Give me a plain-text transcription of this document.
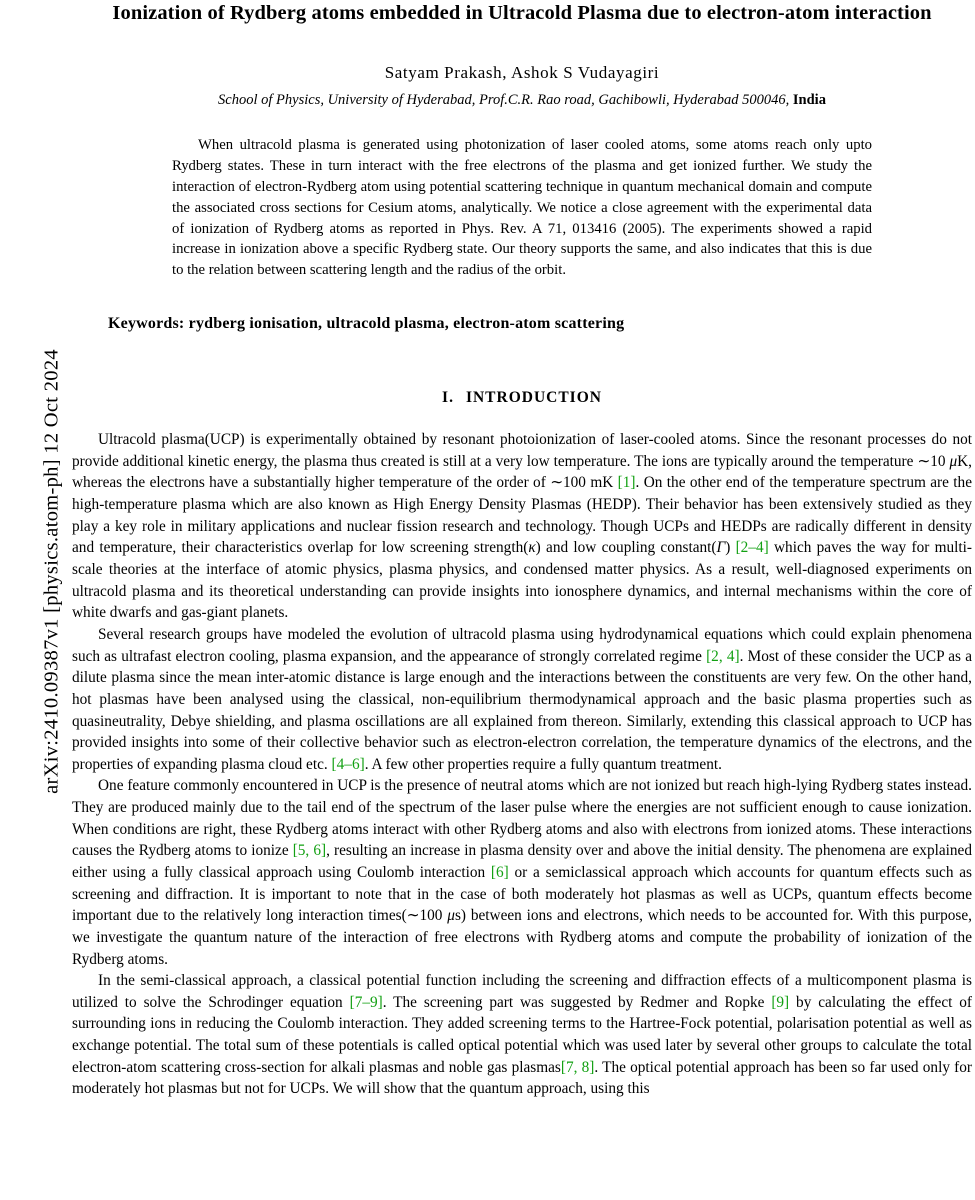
arXiv:2410.09387v1 [physics.atom-ph] 12 Oct 2024
Ionization of Rydberg atoms embedded in Ultracold Plasma due to electron-atom interaction
Satyam Prakash, Ashok S Vudayagiri
School of Physics, University of Hyderabad, Prof.C.R. Rao road, Gachibowli, Hyderabad 500046, India
When ultracold plasma is generated using photonization of laser cooled atoms, some atoms reach only upto Rydberg states. These in turn interact with the free electrons of the plasma and get ionized further. We study the interaction of electron-Rydberg atom using potential scattering technique in quantum mechanical domain and compute the associated cross sections for Cesium atoms, analytically. We notice a close agreement with the experimental data of ionization of Rydberg atoms as reported in Phys. Rev. A 71, 013416 (2005). The experiments showed a rapid increase in ionization above a specific Rydberg state. Our theory supports the same, and also indicates that this is due to the relation between scattering length and the radius of the orbit.
Keywords: rydberg ionisation, ultracold plasma, electron-atom scattering
I. INTRODUCTION

Ultracold plasma(UCP) is experimentally obtained by resonant photoionization of laser-cooled atoms. Since the resonant processes do not provide additional kinetic energy, the plasma thus created is still at a very low temperature. The ions are typically around the temperature ∼10 μK, whereas the electrons have a substantially higher temperature of the order of ∼100 mK [1]. On the other end of the temperature spectrum are the high-temperature plasma which are also known as High Energy Density Plasmas (HEDP). Their behavior has been extensively studied as they play a key role in military applications and nuclear fission research and technology. Though UCPs and HEDPs are radically different in density and temperature, their characteristics overlap for low screening strength(κ) and low coupling constant(Γ) [2–4] which paves the way for multi-scale theories at the interface of atomic physics, plasma physics, and condensed matter physics. As a result, well-diagnosed experiments on ultracold plasma and its theoretical understanding can provide insights into ionosphere dynamics, and internal mechanisms within the core of white dwarfs and gas-giant planets.

Several research groups have modeled the evolution of ultracold plasma using hydrodynamical equations which could explain phenomena such as ultrafast electron cooling, plasma expansion, and the appearance of strongly correlated regime [2, 4]. Most of these consider the UCP as a dilute plasma since the mean inter-atomic distance is large enough and the interactions between the constituents are very few. On the other hand, hot plasmas have been analysed using the classical, non-equilibrium thermodynamical approach and the basic plasma properties such as quasineutrality, Debye shielding, and plasma oscillations are all explained from thereon. Similarly, extending this classical approach to UCP has provided insights into some of their collective behavior such as electron-electron correlation, the temperature dynamics of the electrons, and the properties of expanding plasma cloud etc. [4–6]. A few other properties require a fully quantum treatment.

One feature commonly encountered in UCP is the presence of neutral atoms which are not ionized but reach high-lying Rydberg states instead. They are produced mainly due to the tail end of the spectrum of the laser pulse where the energies are not sufficient enough to cause ionization. When conditions are right, these Rydberg atoms interact with other Rydberg atoms and also with electrons from ionized atoms. These interactions causes the Rydberg atoms to ionize [5, 6], resulting an increase in plasma density over and above the initial density. The phenomena are explained either using a fully classical approach using Coulomb interaction [6] or a semiclassical approach which accounts for quantum effects such as screening and diffraction. It is important to note that in the case of both moderately hot plasmas as well as UCPs, quantum effects become important due to the relatively long interaction times(∼100 μs) between ions and electrons, which needs to be accounted for. With this purpose, we investigate the quantum nature of the interaction of free electrons with Rydberg atoms and compute the probability of ionization of the Rydberg atoms.

In the semi-classical approach, a classical potential function including the screening and diffraction effects of a multicomponent plasma is utilized to solve the Schrodinger equation [7–9]. The screening part was suggested by Redmer and Ropke [9] by calculating the effect of surrounding ions in reducing the Coulomb interaction. They added screening terms to the Hartree-Fock potential, polarisation potential as well as exchange potential. The total sum of these potentials is called optical potential which was used later by several other groups to calculate the total electron-atom scattering cross-section for alkali plasmas and noble gas plasmas[7, 8]. The optical potential approach has been so far used only for moderately hot plasmas but not for UCPs. We will show that the quantum approach, using this
